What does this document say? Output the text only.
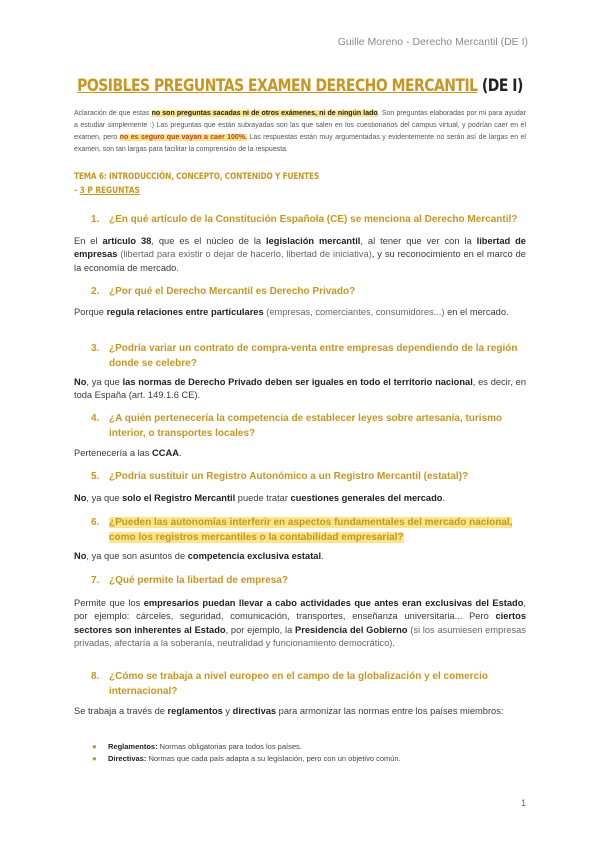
Guille Moreno - Derecho Mercantil (DE I)
POSIBLES PREGUNTAS EXAMEN DERECHO MERCANTIL (DE I)
Aclaración de que estas no son preguntas sacadas ni de otros exámenes, ni de ningún lado. Son preguntas elaboradas por mi para ayudar a estudiar simplemente :) Las preguntas que están subrayadas son las que salen en los cuestionarios del campus virtual, y podrían caer en el examen, pero no es seguro que vayan a caer 100%. Las respuestas están muy argumentadas y evidentemente no serán así de largas en el examen, son tan largas para facilitar la comprensión de la respuesta.
TEMA 6: INTRODUCCIÓN, CONCEPTO, CONTENIDO Y FUENTES
- 3 P REGUNTAS
1. ¿En qué artículo de la Constitución Española (CE) se menciona al Derecho Mercantil?
En el artículo 38, que es el núcleo de la legislación mercantil, al tener que ver con la libertad de empresas (libertad para existir o dejar de hacerlo, libertad de iniciativa), y su reconocimiento en el marco de la economía de mercado.
2. ¿Por qué el Derecho Mercantil es Derecho Privado?
Porque regula relaciones entre particulares (empresas, comerciantes, consumidores...) en el mercado.
3. ¿Podría variar un contrato de compra-venta entre empresas dependiendo de la región donde se celebre?
No, ya que las normas de Derecho Privado deben ser iguales en todo el territorio nacional, es decir, en toda España (art. 149.1.6 CE).
4. ¿A quién pertenecería la competencia de establecer leyes sobre artesanía, turismo interior, o transportes locales?
Pertenecería a las CCAA.
5. ¿Podría sustituir un Registro Autonómico a un Registro Mercantil (estatal)?
No, ya que solo el Registro Mercantil puede tratar cuestiones generales del mercado.
6. ¿Pueden las autonomías interferir en aspectos fundamentales del mercado nacional, como los registros mercantiles o la contabilidad empresarial?
No, ya que son asuntos de competencia exclusiva estatal.
7. ¿Qué permite la libertad de empresa?
Permite que los empresarios puedan llevar a cabo actividades que antes eran exclusivas del Estado, por ejemplo: cárceles, seguridad, comunicación, transportes, enseñanza universitaria... Pero ciertos sectores son inherentes al Estado, por ejemplo, la Presidencia del Gobierno (si los asumiesen empresas privadas, afectaría a la soberanía, neutralidad y funcionamiento democrático).
8. ¿Cómo se trabaja a nivel europeo en el campo de la globalización y el comercio internacional?
Se trabaja a través de reglamentos y directivas para armonizar las normas entre los países miembros:
●	Reglamentos: Normas obligatorias para todos los países.
●	Directivas: Normas que cada país adapta a su legislación, pero con un objetivo común.
1
